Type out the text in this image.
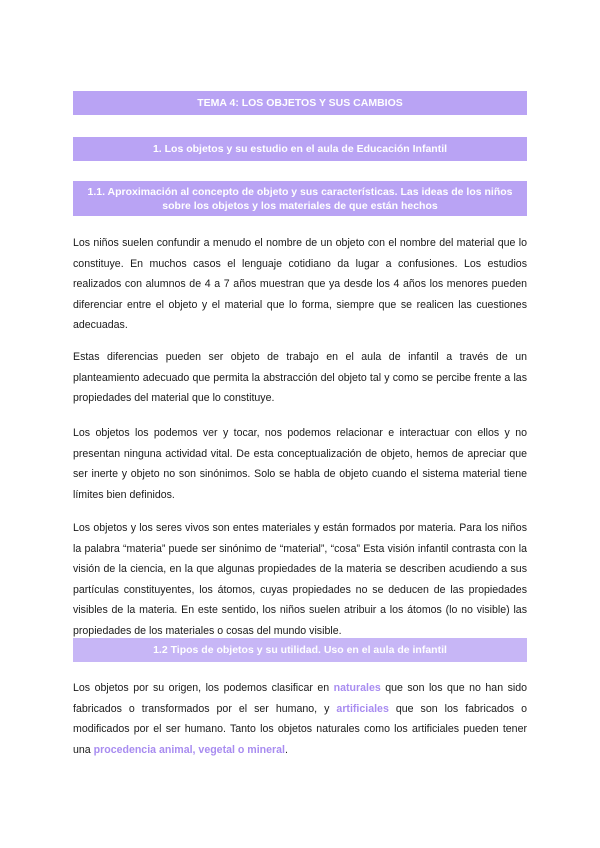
TEMA 4: LOS OBJETOS Y SUS CAMBIOS
1. Los objetos y su estudio en el aula de Educación Infantil
1.1. Aproximación al concepto de objeto y sus características. Las ideas de los niños sobre los objetos y los materiales de que están hechos

Los niños suelen confundir a menudo el nombre de un objeto con el nombre del material que lo constituye. En muchos casos el lenguaje cotidiano da lugar a confusiones. Los estudios realizados con alumnos de 4 a 7 años muestran que ya desde los 4 años los menores pueden diferenciar entre el objeto y el material que lo forma, siempre que se realicen las cuestiones adecuadas.

Estas diferencias pueden ser objeto de trabajo en el aula de infantil a través de un planteamiento adecuado que permita la abstracción del objeto tal y como se percibe frente a las propiedades del material que lo constituye.

Los objetos los podemos ver y tocar, nos podemos relacionar e interactuar con ellos y no presentan ninguna actividad vital. De esta conceptualización de objeto, hemos de apreciar que ser inerte y objeto no son sinónimos. Solo se habla de objeto cuando el sistema material tiene límites bien definidos.

Los objetos y los seres vivos son entes materiales y están formados por materia. Para los niños la palabra “materia” puede ser sinónimo de “material”, “cosa” Esta visión infantil contrasta con la visión de la ciencia, en la que algunas propiedades de la materia se describen acudiendo a sus partículas constituyentes, los átomos, cuyas propiedades no se deducen de las propiedades visibles de la materia. En este sentido, los niños suelen atribuir a los átomos (lo no visible) las propiedades de los materiales o cosas del mundo visible.

1.2 Tipos de objetos y su utilidad. Uso en el aula de infantil

Los objetos por su origen, los podemos clasificar en naturales que son los que no han sido fabricados o transformados por el ser humano, y artificiales que son los fabricados o modificados por el ser humano. Tanto los objetos naturales como los artificiales pueden tener una procedencia animal, vegetal o mineral.
